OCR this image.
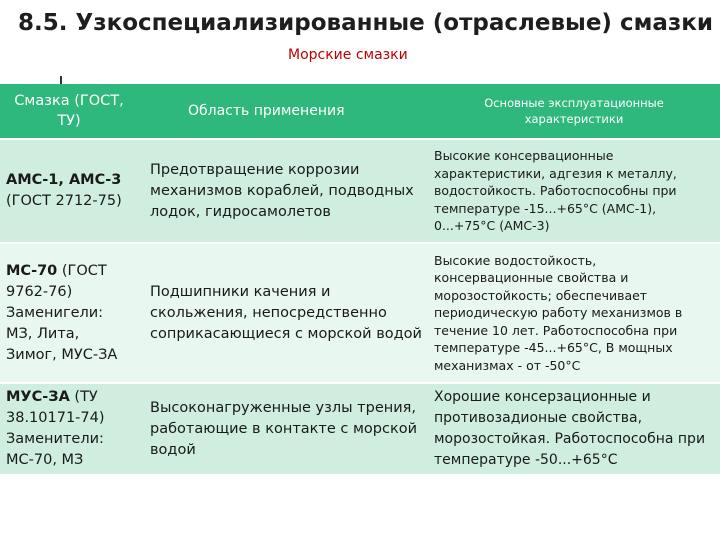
8.5. Узкоспециализированные (отраслевые) смазки
Морские смазки
Смазка (ГОСТ, ТУ)	Область применения	Основные эксплуатационные характеристики
АМС-1, АМС-3 (ГОСТ 2712-75)	Предотвращение коррозии механизмов кораблей, подводных лодок, гидросамолетов	Высокие консервационные характеристики, адгезия к металлу, водостойкость. Работоспособны при температуре -15...+65°С (АМС-1), 0...+75°С (АМС-3)
МС-70 (ГОСТ 9762-76) Заменигели: МЗ, Лита, Зимог, МУС-ЗА	Подшипники качения и скольжения, непосредственно соприкасающиеся с морской водой	Высокие водостойкость, консервационные свойства и морозостойкость; обеспечивает периодическую работу механизмов в течение 10 лет. Работоспособна при температуре -45...+65°С, В мощных механизмах - от -50°С
МУС-ЗА (ТУ 38.10171-74) Заменители: МС-70, МЗ	Высоконагруженные узлы трения, работающие в контакте с морской водой	Хорошие консерзационные и противозадионые свойства, морозостойкая. Работоспособна при температуре -50...+65°С
